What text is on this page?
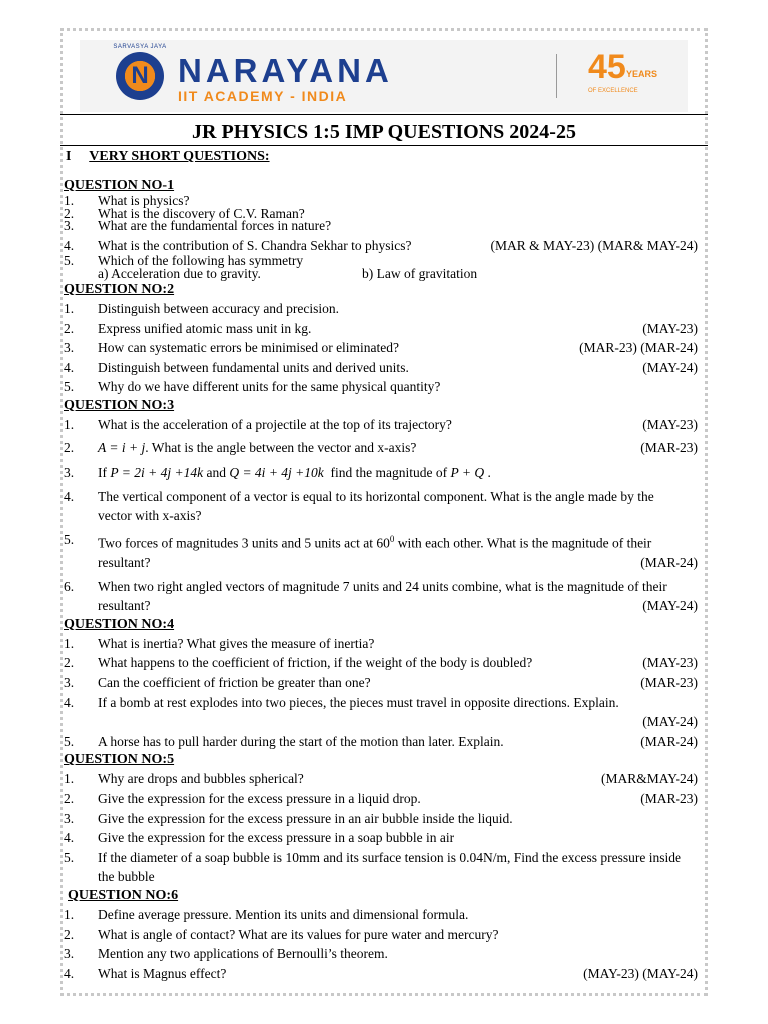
SARVASYA JAYA
N NARAYANA
IIT ACADEMY - INDIA
45 YEARS
OF EXCELLENCE
JR PHYSICS 1:5 IMP QUESTIONS 2024-25
I VERY SHORT QUESTIONS:
QUESTION NO-1
1. What is physics?
2. What is the discovery of C.V. Raman?
3. What are the fundamental forces in nature?
4. What is the contribution of S. Chandra Sekhar to physics?	(MAR & MAY-23) (MAR& MAY-24)
5. Which of the following has symmetry
a) Acceleration due to gravity.	b) Law of gravitation
QUESTION NO:2
1. Distinguish between accuracy and precision.
2. Express unified atomic mass unit in kg.	(MAY-23)
3. How can systematic errors be minimised or eliminated?	(MAR-23) (MAR-24)
4. Distinguish between fundamental units and derived units.	(MAY-24)
5. Why do we have different units for the same physical quantity?
QUESTION NO:3
1. What is the acceleration of a projectile at the top of its trajectory?	(MAY-23)
2. A = i + j. What is the angle between the vector and x-axis?	(MAR-23)
3. If P = 2i + 4j +14k and Q = 4i + 4j +10k find the magnitude of P + Q .
4. The vertical component of a vector is equal to its horizontal component. What is the angle made by the
vector with x-axis?
5. Two forces of magnitudes 3 units and 5 units act at $60^0$ with each other. What is the magnitude of their
resultant?	(MAR-24)
6. When two right angled vectors of magnitude 7 units and 24 units combine, what is the magnitude of their
resultant?	(MAY-24)
QUESTION NO:4
1. What is inertia? What gives the measure of inertia?
2. What happens to the coefficient of friction, if the weight of the body is doubled?	(MAY-23)
3. Can the coefficient of friction be greater than one?	(MAR-23)
4. If a bomb at rest explodes into two pieces, the pieces must travel in opposite directions. Explain.
(MAY-24)
5. A horse has to pull harder during the start of the motion than later. Explain.	(MAR-24)
QUESTION NO:5
1. Why are drops and bubbles spherical?	(MAR&MAY-24)
2. Give the expression for the excess pressure in a liquid drop.	(MAR-23)
3. Give the expression for the excess pressure in an air bubble inside the liquid.
4. Give the expression for the excess pressure in a soap bubble in air
5. If the diameter of a soap bubble is 10mm and its surface tension is 0.04N/m, Find the excess pressure inside
the bubble
QUESTION NO:6
1. Define average pressure. Mention its units and dimensional formula.
2. What is angle of contact? What are its values for pure water and mercury?
3. Mention any two applications of Bernoulli’s theorem.
4. What is Magnus effect?	(MAY-23) (MAY-24)
